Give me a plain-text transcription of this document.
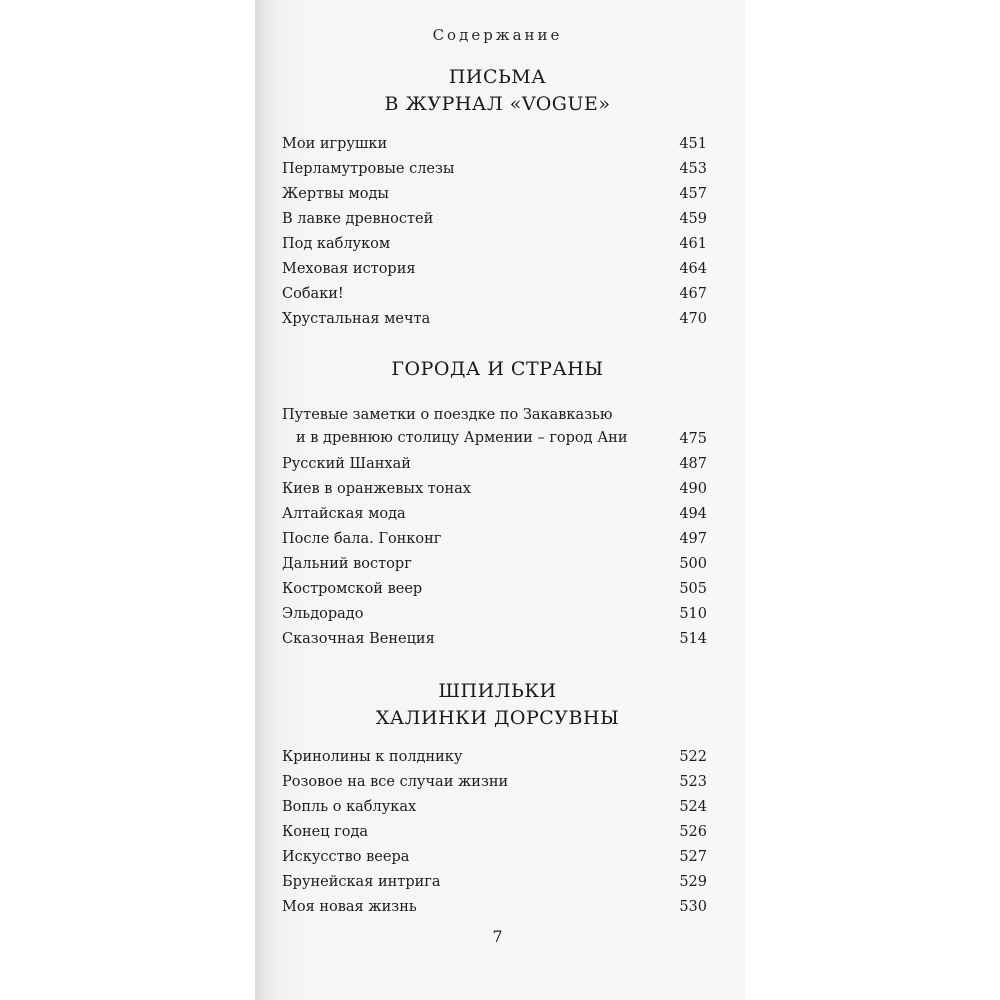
Содержание
ПИСЬМА
В ЖУРНАЛ «VOGUE»
Мои игрушки	451
Перламутровые слезы	453
Жертвы моды	457
В лавке древностей	459
Под каблуком	461
Меховая история	464
Собаки!	467
Хрустальная мечта	470
ГОРОДА И СТРАНЫ
Путевые заметки о поездке по Закавказью
и в древнюю столицу Армении – город Ани	475
Русский Шанхай	487
Киев в оранжевых тонах	490
Алтайская мода	494
После бала. Гонконг	497
Дальний восторг	500
Костромской веер	505
Эльдорадо	510
Сказочная Венеция	514
ШПИЛЬКИ
ХАЛИНКИ ДОРСУВНЫ
Кринолины к полднику	522
Розовое на все случаи жизни	523
Вопль о каблуках	524
Конец года	526
Искусство веера	527
Брунейская интрига	529
Моя новая жизнь	530
7
